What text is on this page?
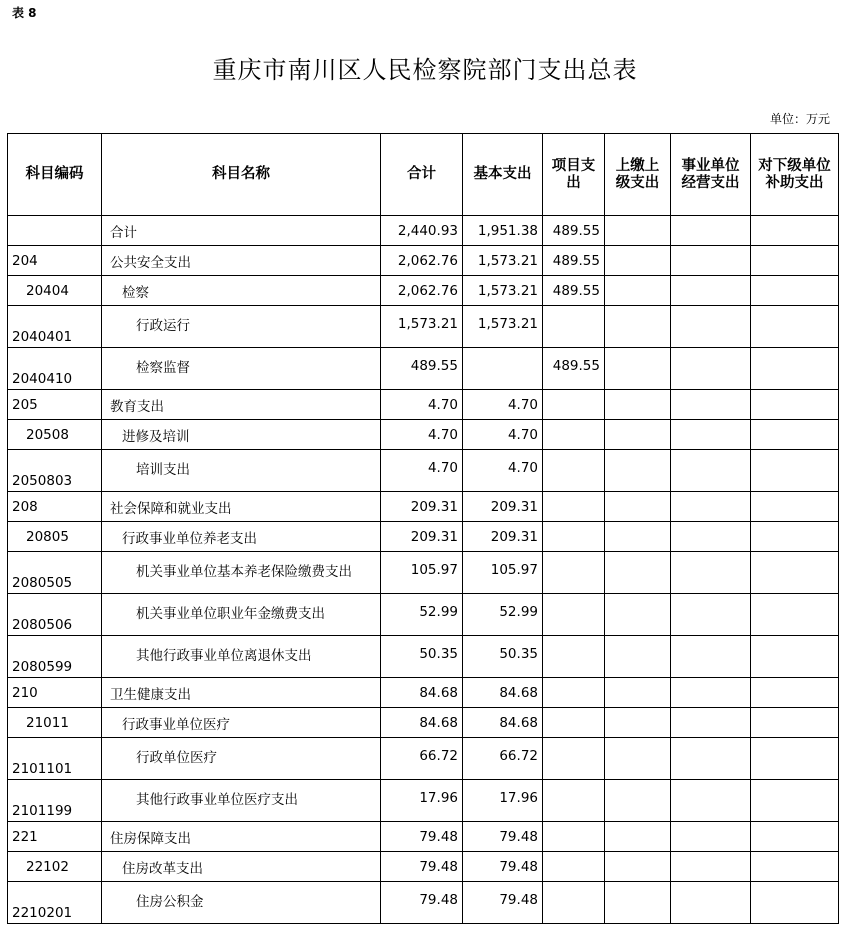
表 8
重庆市南川区人民检察院部门支出总表
单位：万元
科目编码	科目名称	合计	基本支出	项目支出	上缴上级支出	事业单位经营支出	对下级单位补助支出
	合计	2,440.93	1,951.38	489.55			
204	公共安全支出	2,062.76	1,573.21	489.55			
20404	检察	2,062.76	1,573.21	489.55			
2040401	行政运行	1,573.21	1,573.21				
2040410	检察监督	489.55		489.55			
205	教育支出	4.70	4.70				
20508	进修及培训	4.70	4.70				
2050803	培训支出	4.70	4.70				
208	社会保障和就业支出	209.31	209.31				
20805	行政事业单位养老支出	209.31	209.31				
2080505	机关事业单位基本养老保险缴费支出	105.97	105.97				
2080506	机关事业单位职业年金缴费支出	52.99	52.99				
2080599	其他行政事业单位离退休支出	50.35	50.35				
210	卫生健康支出	84.68	84.68				
21011	行政事业单位医疗	84.68	84.68				
2101101	行政单位医疗	66.72	66.72				
2101199	其他行政事业单位医疗支出	17.96	17.96				
221	住房保障支出	79.48	79.48				
22102	住房改革支出	79.48	79.48				
2210201	住房公积金	79.48	79.48				
